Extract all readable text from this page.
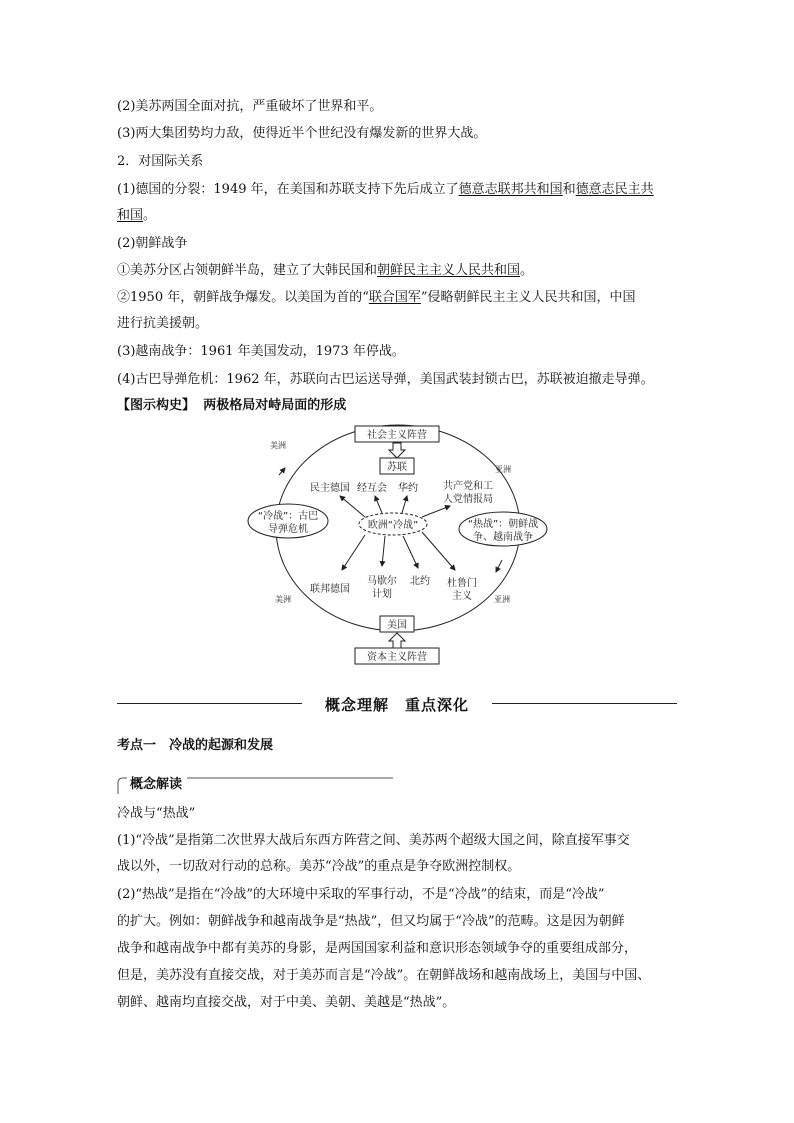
(2)美苏两国全面对抗，严重破坏了世界和平。
(3)两大集团势均力敌，使得近半个世纪没有爆发新的世界大战。
2．对国际关系
(1)德国的分裂：1949 年，在美国和苏联支持下先后成立了德意志联邦共和国和德意志民主共
和国。
(2)朝鲜战争
①美苏分区占领朝鲜半岛，建立了大韩民国和朝鲜民主主义人民共和国。
②1950 年，朝鲜战争爆发。以美国为首的“联合国军”侵略朝鲜民主主义人民共和国，中国
进行抗美援朝。
(3)越南战争：1961 年美国发动，1973 年停战。
(4)古巴导弹危机：1962 年，苏联向古巴运送导弹，美国武装封锁古巴，苏联被迫撤走导弹。
【图示构史】 两极格局对峙局面的形成
社会主义阵营
苏联
美国
资本主义阵营
欧洲“冷战”
“冷战”：古巴
导弹危机	“热战”：朝鲜战
争、越南战争
美洲
亚洲
美洲	亚洲
民主德国 经互会 华约	共产党和工
人党情报局
联邦德国
马歇尔
计划
北约 杜鲁门
主义
概念理解　重点深化
考点一　冷战的起源和发展
概念解读
冷战与“热战”
(1)“冷战”是指第二次世界大战后东西方阵营之间、美苏两个超级大国之间，除直接军事交
战以外，一切敌对行动的总称。美苏“冷战”的重点是争夺欧洲控制权。
(2)“热战”是指在“冷战”的大环境中采取的军事行动，不是“冷战”的结束，而是“冷战”
的扩大。例如：朝鲜战争和越南战争是“热战”，但又均属于“冷战”的范畴。这是因为朝鲜
战争和越南战争中都有美苏的身影，是两国国家利益和意识形态领域争夺的重要组成部分，
但是，美苏没有直接交战，对于美苏而言是“冷战”。在朝鲜战场和越南战场上，美国与中国、
朝鲜、越南均直接交战，对于中美、美朝、美越是“热战”。
